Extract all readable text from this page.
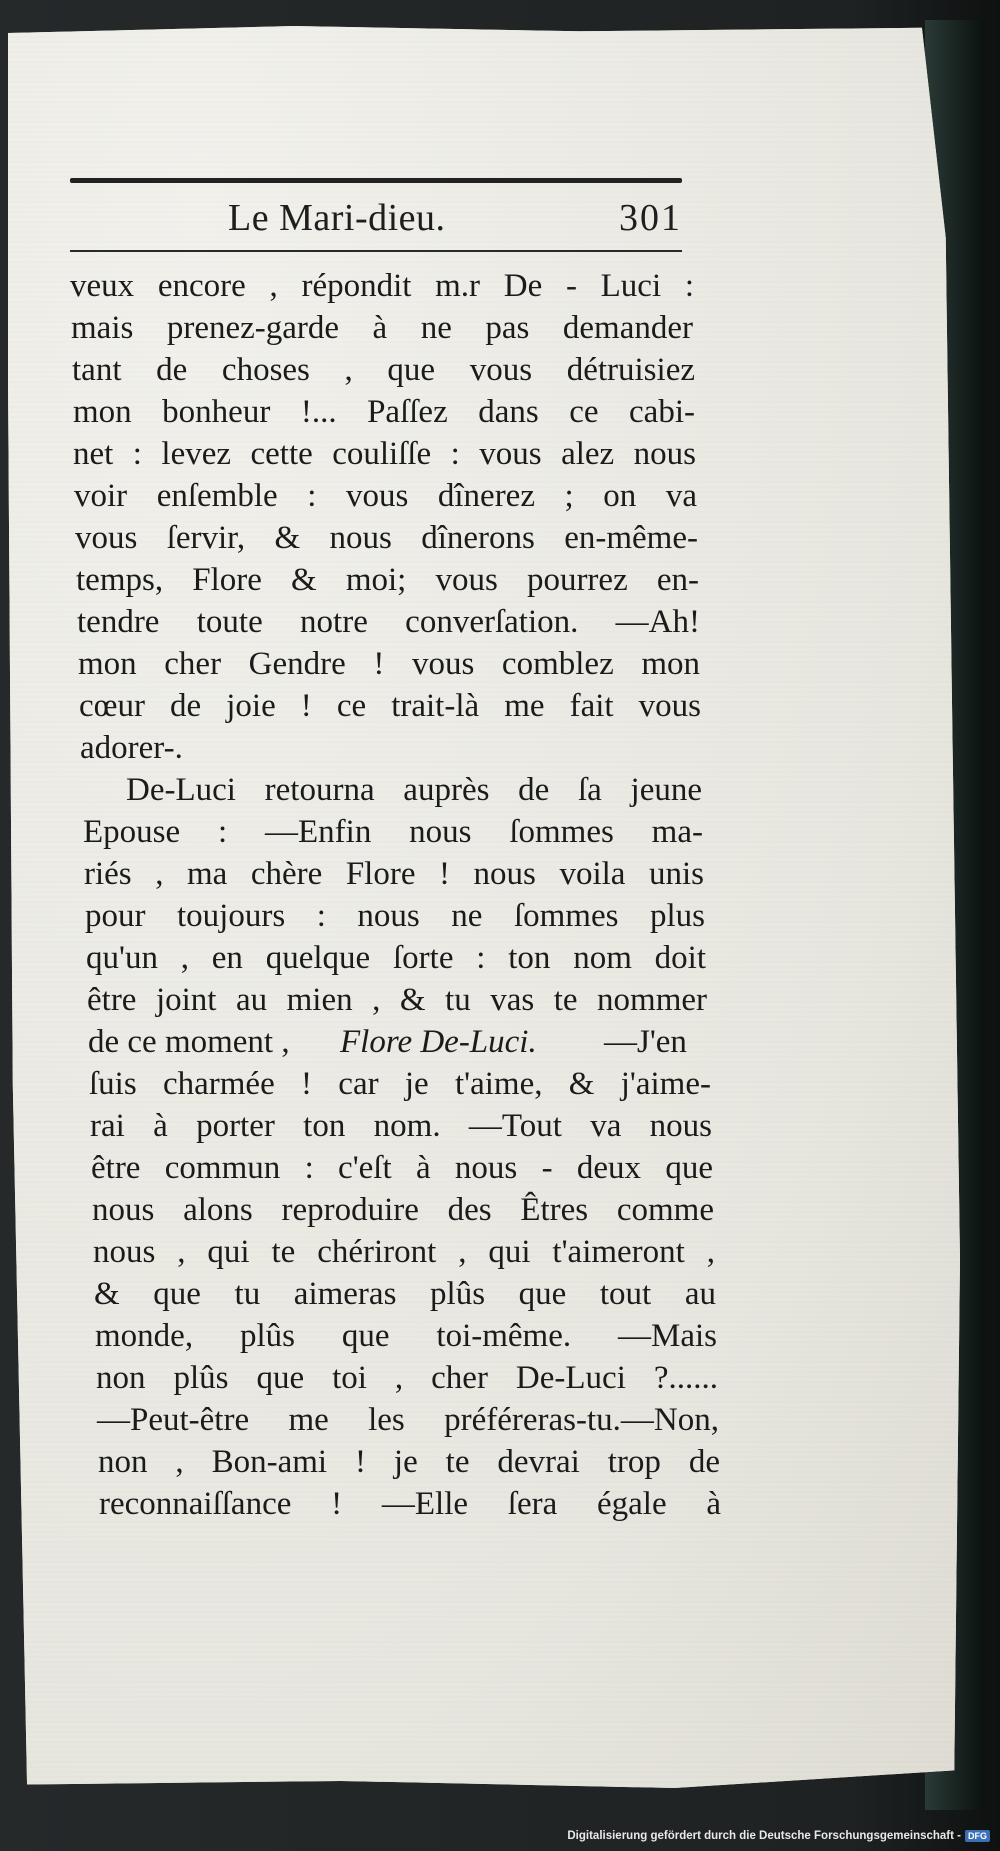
Le Mari-dieu.	301
veux encore , répondit m.r De - Luci :
mais prenez-garde à ne pas demander
tant de choses , que vous détruisiez
mon bonheur !... Paſſez dans ce cabi-
net : levez cette couliſſe : vous alez nous
voir enſemble : vous dînerez ; on va
vous ſervir, & nous dînerons en-même-
temps, Flore & moi; vous pourrez en-
tendre toute notre converſation. —Ah!
mon cher Gendre ! vous comblez mon
cœur de joie ! ce trait-là me fait vous
adorer-.
De-Luci retourna auprès de ſa jeune
Epouse : —Enfin nous ſommes ma-
riés , ma chère Flore ! nous voila unis
pour toujours : nous ne ſommes plus
qu'un , en quelque ſorte : ton nom doit
être joint au mien , & tu vas te nommer
de ce moment ,	Flore De-Luci.	—J'en
ſuis charmée ! car je t'aime, & j'aime-
rai à porter ton nom. —Tout va nous
être commun : c'eſt à nous - deux que
nous alons reproduire des Êtres comme
nous , qui te chériront , qui t'aimeront ,
& que tu aimeras plûs que tout au
monde, plûs que toi-même. —Mais
non plûs que toi , cher De-Luci ?......
—Peut-être me les préféreras-tu.—Non,
non , Bon-ami ! je te devrai trop de
reconnaiſſance ! —Elle ſera égale à
Digitalisierung gefördert durch die Deutsche Forschungsgemeinschaft - DFG
